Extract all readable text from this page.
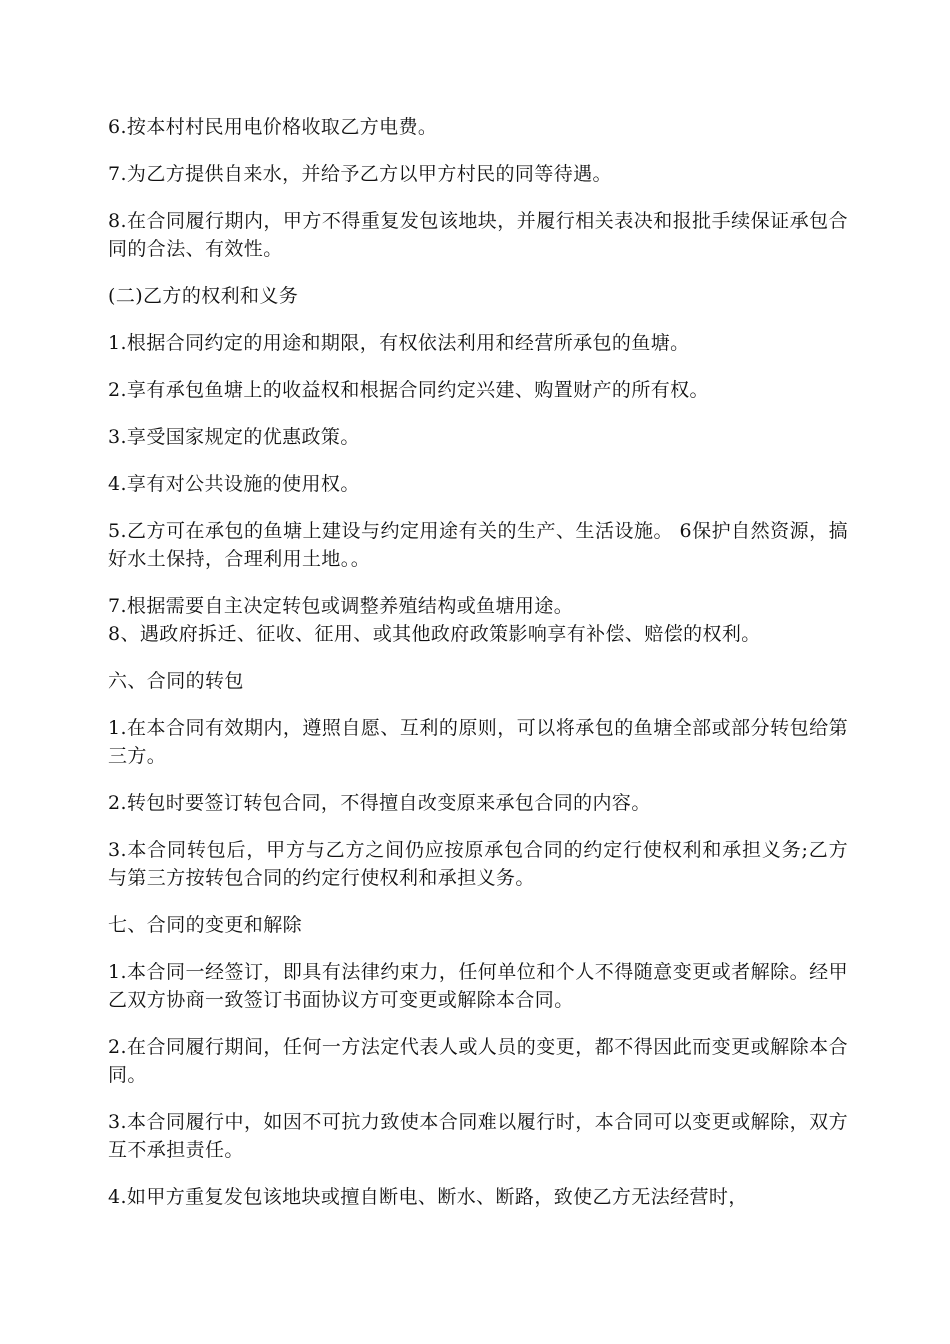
6.按本村村民用电价格收取乙方电费。

7.为乙方提供自来水，并给予乙方以甲方村民的同等待遇。

8.在合同履行期内，甲方不得重复发包该地块，并履行相关表决和报批手续保证承包合同的合法、有效性。

(二)乙方的权利和义务

1.根据合同约定的用途和期限，有权依法利用和经营所承包的鱼塘。

2.享有承包鱼塘上的收益权和根据合同约定兴建、购置财产的所有权。

3.享受国家规定的优惠政策。

4.享有对公共设施的使用权。

5.乙方可在承包的鱼塘上建设与约定用途有关的生产、生活设施。 6保护自然资源，搞好水土保持，合理利用土地。。

7.根据需要自主决定转包或调整养殖结构或鱼塘用途。

8、遇政府拆迁、征收、征用、或其他政府政策影响享有补偿、赔偿的权利。

六、合同的转包

1.在本合同有效期内，遵照自愿、互利的原则，可以将承包的鱼塘全部或部分转包给第三方。

2.转包时要签订转包合同，不得擅自改变原来承包合同的内容。

3.本合同转包后，甲方与乙方之间仍应按原承包合同的约定行使权利和承担义务;乙方与第三方按转包合同的约定行使权利和承担义务。

七、合同的变更和解除

1.本合同一经签订，即具有法律约束力，任何单位和个人不得随意变更或者解除。经甲乙双方协商一致签订书面协议方可变更或解除本合同。

2.在合同履行期间，任何一方法定代表人或人员的变更，都不得因此而变更或解除本合同。

3.本合同履行中，如因不可抗力致使本合同难以履行时，本合同可以变更或解除，双方互不承担责任。

4.如甲方重复发包该地块或擅自断电、断水、断路，致使乙方无法经营时，
